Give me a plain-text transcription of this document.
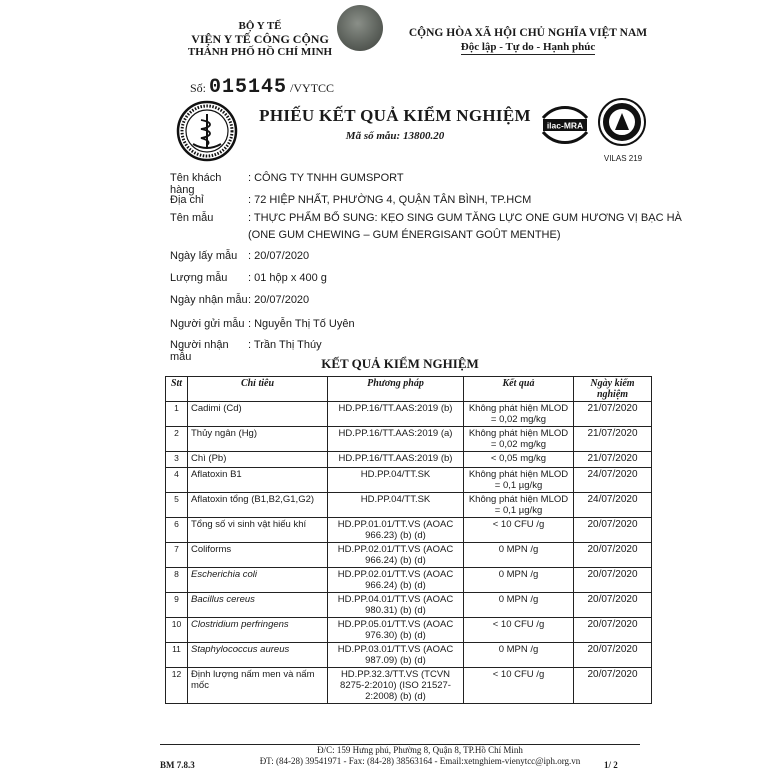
BỘ Y TẾ
VIỆN Y TẾ CÔNG CỘNG
THÀNH PHỐ HỒ CHÍ MINH
CỘNG HÒA XÃ HỘI CHỦ NGHĨA VIỆT NAM
Độc lập - Tự do - Hạnh phúc
Số: 015145 /VYTCC
PHIẾU KẾT QUẢ KIỂM NGHIỆM
Mã số mẫu: 13800.20
ilac-MRA
VILAS 219
Tên khách hàng
: CÔNG TY TNHH GUMSPORT
Địa chỉ	: 72 HIỆP NHẤT, PHƯỜNG 4, QUẬN TÂN BÌNH, TP.HCM
Tên mẫu	: THỰC PHẨM BỔ SUNG: KẸO SING GUM TĂNG LỰC ONE GUM HƯƠNG VỊ BẠC HÀ (ONE GUM CHEWING – GUM ÉNERGISANT GOÛT MENTHE)
Ngày lấy mẫu : 20/07/2020
Lượng mẫu	: 01 hộp x 400 g
Ngày nhận mẫu : 20/07/2020
Người gửi mẫu : Nguyễn Thị Tố Uyên
Người nhận mẫu
: Trần Thị Thúy
KẾT QUẢ KIỂM NGHIỆM
Stt	Chỉ tiêu	Phương pháp	Kết quả	Ngày kiểm nghiệm
1	Cadimi (Cd)	HD.PP.16/TT.AAS:2019 (b)	Không phát hiện MLOD = 0,02 mg/kg	21/07/2020
2	Thủy ngân (Hg)	HD.PP.16/TT.AAS:2019 (a)	Không phát hiện MLOD = 0,02 mg/kg	21/07/2020
3	Chì (Pb)	HD.PP.16/TT.AAS:2019 (b)	< 0,05 mg/kg	21/07/2020
4	Aflatoxin B1	HD.PP.04/TT.SK	Không phát hiện MLOD = 0,1 µg/kg	24/07/2020
5	Aflatoxin tổng (B1,B2,G1,G2)	HD.PP.04/TT.SK	Không phát hiện MLOD = 0,1 µg/kg	24/07/2020
6	Tổng số vi sinh vật hiếu khí	HD.PP.01.01/TT.VS (AOAC 966.23) (b) (d)	< 10 CFU /g	20/07/2020
7	Coliforms	HD.PP.02.01/TT.VS (AOAC 966.24) (b) (d)	0 MPN /g	20/07/2020
8	Escherichia coli	HD.PP.02.01/TT.VS (AOAC 966.24) (b) (d)	0 MPN /g	20/07/2020
9	Bacillus cereus	HD.PP.04.01/TT.VS (AOAC 980.31) (b) (d)	0 MPN /g	20/07/2020
10	Clostridium perfringens	HD.PP.05.01/TT.VS (AOAC 976.30) (b) (d)	< 10 CFU /g	20/07/2020
11	Staphylococcus aureus	HD.PP.03.01/TT.VS (AOAC 987.09) (b) (d)	0 MPN /g	20/07/2020
12	Định lượng nấm men và nấm mốc	HD.PP.32.3/TT.VS (TCVN 8275-2:2010) (ISO 21527-2:2008) (b) (d)	< 10 CFU /g	20/07/2020
BM 7.8.3
Đ/C: 159 Hưng phú, Phường 8, Quận 8, TP.Hồ Chí Minh
ĐT: (84-28) 39541971 - Fax: (84-28) 38563164 - Email:xetnghiem-vienytcc@iph.org.vn	1/ 2
